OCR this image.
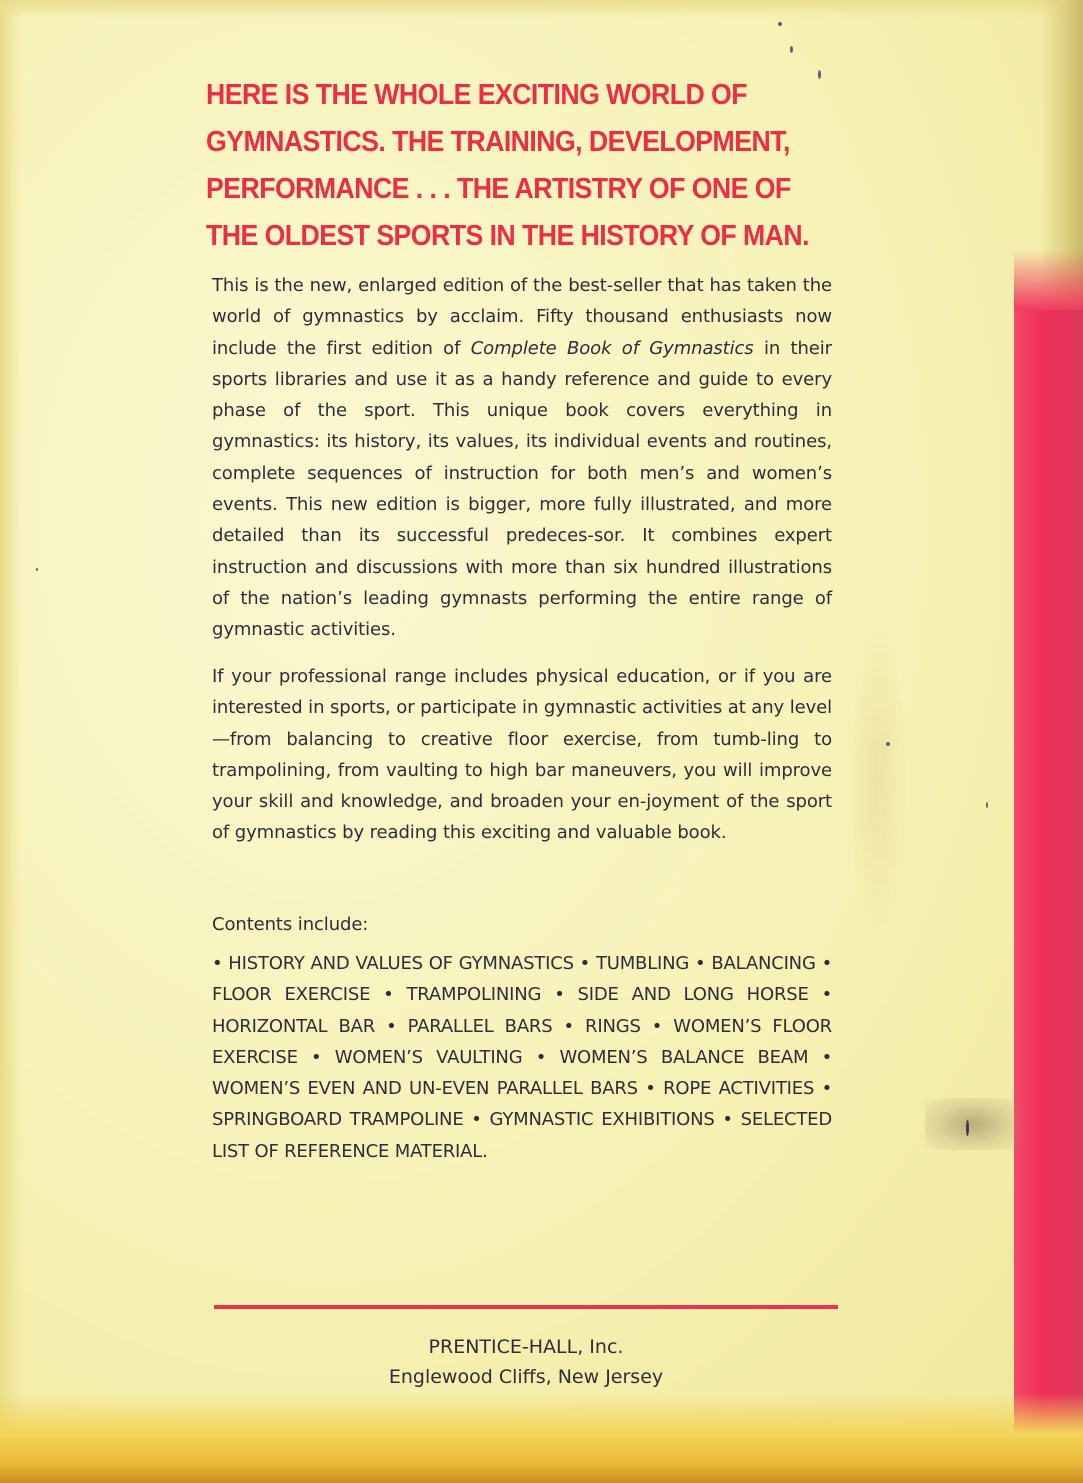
HERE IS THE WHOLE EXCITING WORLD OF
GYMNASTICS. THE TRAINING, DEVELOPMENT,
PERFORMANCE . . . THE ARTISTRY OF ONE OF
THE OLDEST SPORTS IN THE HISTORY OF MAN.

This is the new, enlarged edition of the best-seller that has taken the world of gymnastics by acclaim. Fifty thousand enthusiasts now include the first edition of Complete Book of Gymnastics in their sports libraries and use it as a handy reference and guide to every phase of the sport. This unique book covers everything in gymnastics: its history, its values, its individual events and routines, complete sequences of instruction for both men’s and women’s events. This new edition is bigger, more fully illustrated, and more detailed than its successful predeces-sor. It combines expert instruction and discussions with more than six hundred illustrations of the nation’s leading gymnasts performing the entire range of gymnastic activities.

If your professional range includes physical education, or if you are interested in sports, or participate in gymnastic activities at any level—from balancing to creative floor exercise, from tumb-ling to trampolining, from vaulting to high bar maneuvers, you will improve your skill and knowledge, and broaden your en-joyment of the sport of gymnastics by reading this exciting and valuable book.

Contents include:

• HISTORY AND VALUES OF GYMNASTICS • TUMBLING • BALANCING • FLOOR EXERCISE • TRAMPOLINING • SIDE AND LONG HORSE • HORIZONTAL BAR • PARALLEL BARS • RINGS • WOMEN’S FLOOR EXERCISE • WOMEN’S VAULTING • WOMEN’S BALANCE BEAM • WOMEN’S EVEN AND UN-EVEN PARALLEL BARS • ROPE ACTIVITIES • SPRINGBOARD TRAMPOLINE • GYMNASTIC EXHIBITIONS • SELECTED LIST OF REFERENCE MATERIAL.

PRENTICE-HALL, Inc.

Englewood Cliffs, New Jersey
